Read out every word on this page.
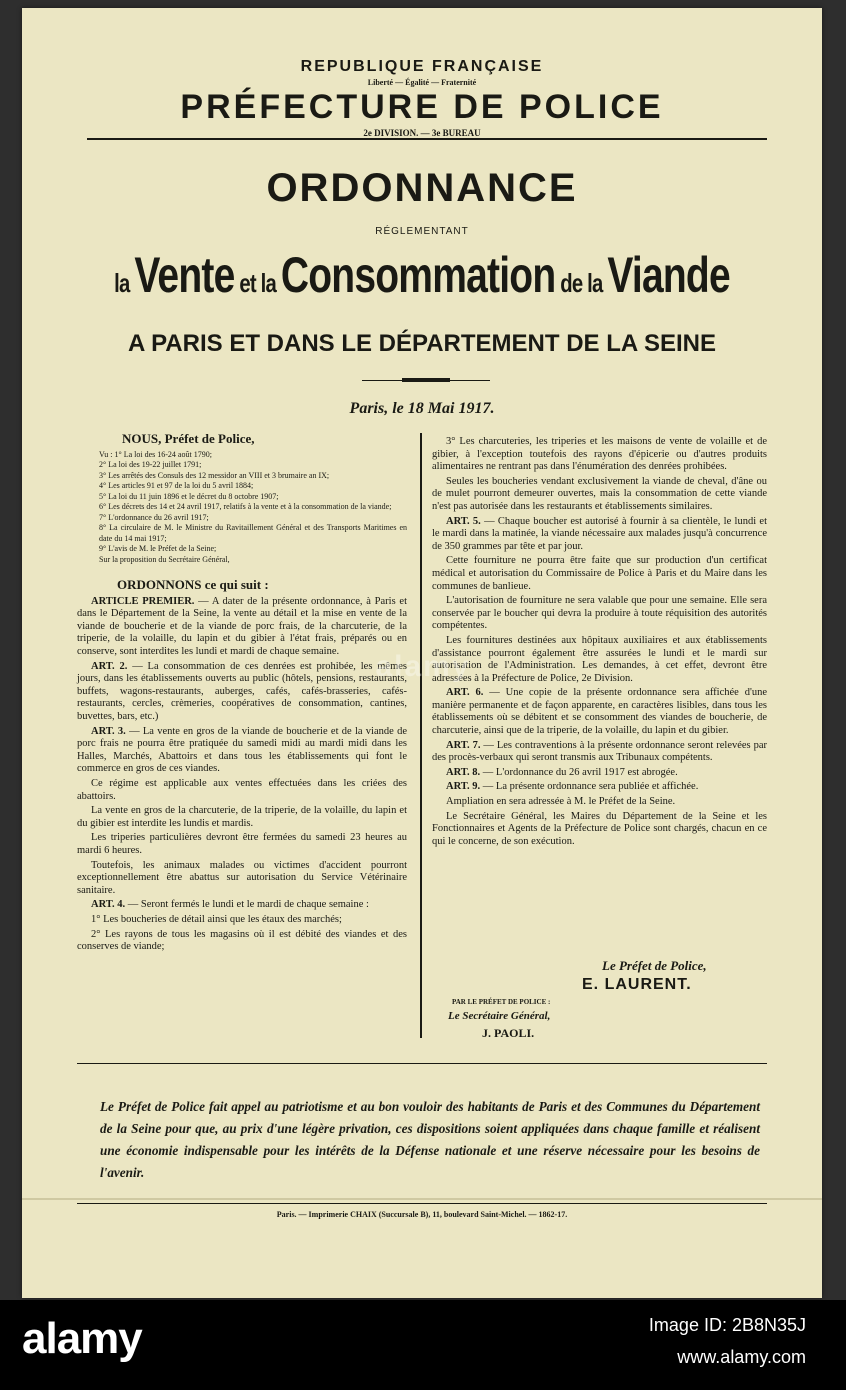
REPUBLIQUE FRANÇAISE
Liberté — Égalité — Fraternité
PRÉFECTURE DE POLICE
2e DIVISION. — 3e BUREAU
ORDONNANCE
RÉGLEMENTANT
la Vente et la Consommation de la Viande
A PARIS ET DANS LE DÉPARTEMENT DE LA SEINE
Paris, le 18 Mai 1917.

NOUS, Préfet de Police,

Vu : 1° La loi des 16-24 août 1790;

2° La loi des 19-22 juillet 1791;

3° Les arrêtés des Consuls des 12 messidor an VIII et 3 brumaire an IX;

4° Les articles 91 et 97 de la loi du 5 avril 1884;

5° La loi du 11 juin 1896 et le décret du 8 octobre 1907;

6° Les décrets des 14 et 24 avril 1917, relatifs à la vente et à la consommation de la viande;

7° L'ordonnance du 26 avril 1917;

8° La circulaire de M. le Ministre du Ravitaillement Général et des Transports Maritimes en date du 14 mai 1917;

9° L'avis de M. le Préfet de la Seine;

Sur la proposition du Secrétaire Général,

ORDONNONS ce qui suit :

ARTICLE PREMIER. — A dater de la présente ordonnance, à Paris et dans le Département de la Seine, la vente au détail et la mise en vente de la viande de boucherie et de la viande de porc frais, de la charcuterie, de la triperie, de la volaille, du lapin et du gibier à l'état frais, préparés ou en conserve, sont interdites les lundi et mardi de chaque semaine.

ART. 2. — La consommation de ces denrées est prohibée, les mêmes jours, dans les établissements ouverts au public (hôtels, pensions, restaurants, buffets, wagons-restaurants, auberges, cafés, cafés-brasseries, cafés-restaurants, cercles, crèmeries, coopératives de consommation, cantines, buvettes, bars, etc.)

ART. 3. — La vente en gros de la viande de boucherie et de la viande de porc frais ne pourra être pratiquée du samedi midi au mardi midi dans les Halles, Marchés, Abattoirs et dans tous les établissements qui font le commerce en gros de ces viandes.

Ce régime est applicable aux ventes effectuées dans les criées des abattoirs.

La vente en gros de la charcuterie, de la triperie, de la volaille, du lapin et du gibier est interdite les lundis et mardis.

Les triperies particulières devront être fermées du samedi 23 heures au mardi 6 heures.

Toutefois, les animaux malades ou victimes d'accident pourront exceptionnellement être abattus sur autorisation du Service Vétérinaire sanitaire.

ART. 4. — Seront fermés le lundi et le mardi de chaque semaine :

1° Les boucheries de détail ainsi que les étaux des marchés;

2° Les rayons de tous les magasins où il est débité des viandes et des conserves de viande;

3° Les charcuteries, les triperies et les maisons de vente de volaille et de gibier, à l'exception toutefois des rayons d'épicerie ou d'autres produits alimentaires ne rentrant pas dans l'énumération des denrées prohibées.

Seules les boucheries vendant exclusivement la viande de cheval, d'âne ou de mulet pourront demeurer ouvertes, mais la consommation de cette viande n'est pas autorisée dans les restaurants et établissements similaires.

ART. 5. — Chaque boucher est autorisé à fournir à sa clientèle, le lundi et le mardi dans la matinée, la viande nécessaire aux malades jusqu'à concurrence de 350 grammes par tête et par jour.

Cette fourniture ne pourra être faite que sur production d'un certificat médical et autorisation du Commissaire de Police à Paris et du Maire dans les communes de banlieue.

L'autorisation de fourniture ne sera valable que pour une semaine. Elle sera conservée par le boucher qui devra la produire à toute réquisition des autorités compétentes.

Les fournitures destinées aux hôpitaux auxiliaires et aux établissements d'assistance pourront également être assurées le lundi et le mardi sur autorisation de l'Administration. Les demandes, à cet effet, devront être adressées à la Préfecture de Police, 2e Division.

ART. 6. — Une copie de la présente ordonnance sera affichée d'une manière permanente et de façon apparente, en caractères lisibles, dans tous les établissements où se débitent et se consomment des viandes de boucherie, de charcuterie, ainsi que de la triperie, de la volaille, du lapin et du gibier.

ART. 7. — Les contraventions à la présente ordonnance seront relevées par des procès-verbaux qui seront transmis aux Tribunaux compétents.

ART. 8. — L'ordonnance du 26 avril 1917 est abrogée.

ART. 9. — La présente ordonnance sera publiée et affichée.

Ampliation en sera adressée à M. le Préfet de la Seine.

Le Secrétaire Général, les Maires du Département de la Seine et les Fonctionnaires et Agents de la Préfecture de Police sont chargés, chacun en ce qui le concerne, de son exécution.

Le Préfet de Police,
E. LAURENT.
PAR LE PRÉFET DE POLICE :
Le Secrétaire Général,
J. PAOLI.
Le Préfet de Police fait appel au patriotisme et au bon vouloir des habitants de Paris et des Communes du Département de la Seine pour que, au prix d'une légère privation, ces dispositions soient appliquées dans chaque famille et réalisent une économie indispensable pour les intérêts de la Défense nationale et une réserve nécessaire pour les besoins de l'avenir.
Paris. — Imprimerie CHAIX (Succursale B), 11, boulevard Saint-Michel. — 1862-17.
alamy
alamy	Image ID: 2B8N35J
www.alamy.com
